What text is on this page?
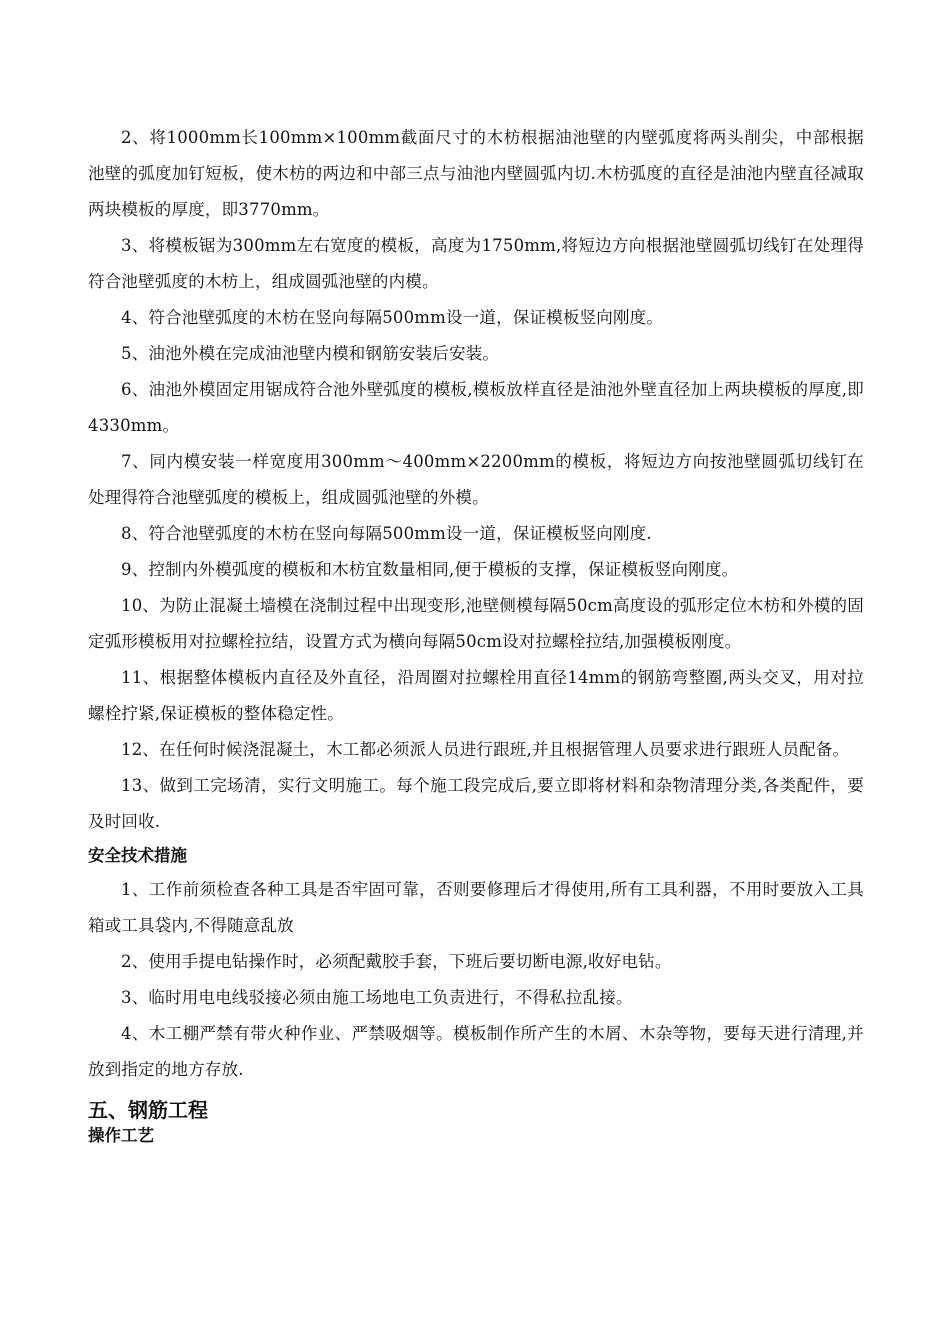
2、将1000mm长100mm×100mm截面尺寸的木枋根据油池壁的内壁弧度将两头削尖，中部根据池壁的弧度加钉短板，使木枋的两边和中部三点与油池内壁圆弧内切.木枋弧度的直径是油池内壁直径减取两块模板的厚度，即3770mm。

3、将模板锯为300mm左右宽度的模板，高度为1750mm,将短边方向根据池壁圆弧切线钉在处理得符合池壁弧度的木枋上，组成圆弧池壁的内模。

4、符合池壁弧度的木枋在竖向每隔500mm设一道，保证模板竖向刚度。

5、油池外模在完成油池壁内模和钢筋安装后安装。

6、油池外模固定用锯成符合池外壁弧度的模板,模板放样直径是油池外壁直径加上两块模板的厚度,即4330mm。

7、同内模安装一样宽度用300mm～400mm×2200mm的模板，将短边方向按池壁圆弧切线钉在处理得符合池壁弧度的模板上，组成圆弧池壁的外模。

8、符合池壁弧度的木枋在竖向每隔500mm设一道，保证模板竖向刚度.

9、控制内外模弧度的模板和木枋宜数量相同,便于模板的支撑，保证模板竖向刚度。

10、为防止混凝土墙模在浇制过程中出现变形,池壁侧模每隔50cm高度设的弧形定位木枋和外模的固定弧形模板用对拉螺栓拉结，设置方式为横向每隔50cm设对拉螺栓拉结,加强模板刚度。

11、根据整体模板内直径及外直径，沿周圈对拉螺栓用直径14mm的钢筋弯整圈,两头交叉，用对拉螺栓拧紧,保证模板的整体稳定性。

12、在任何时候浇混凝土，木工都必须派人员进行跟班,并且根据管理人员要求进行跟班人员配备。

13、做到工完场清，实行文明施工。每个施工段完成后,要立即将材料和杂物清理分类,各类配件，要及时回收.

安全技术措施

1、工作前须检查各种工具是否牢固可靠，否则要修理后才得使用,所有工具利器，不用时要放入工具箱或工具袋内,不得随意乱放

2、使用手提电钻操作时，必须配戴胶手套，下班后要切断电源,收好电钻。

3、临时用电电线驳接必须由施工场地电工负责进行，不得私拉乱接。

4、木工棚严禁有带火种作业、严禁吸烟等。模板制作所产生的木屑、木杂等物，要每天进行清理,并放到指定的地方存放.

五、钢筋工程
操作工艺
